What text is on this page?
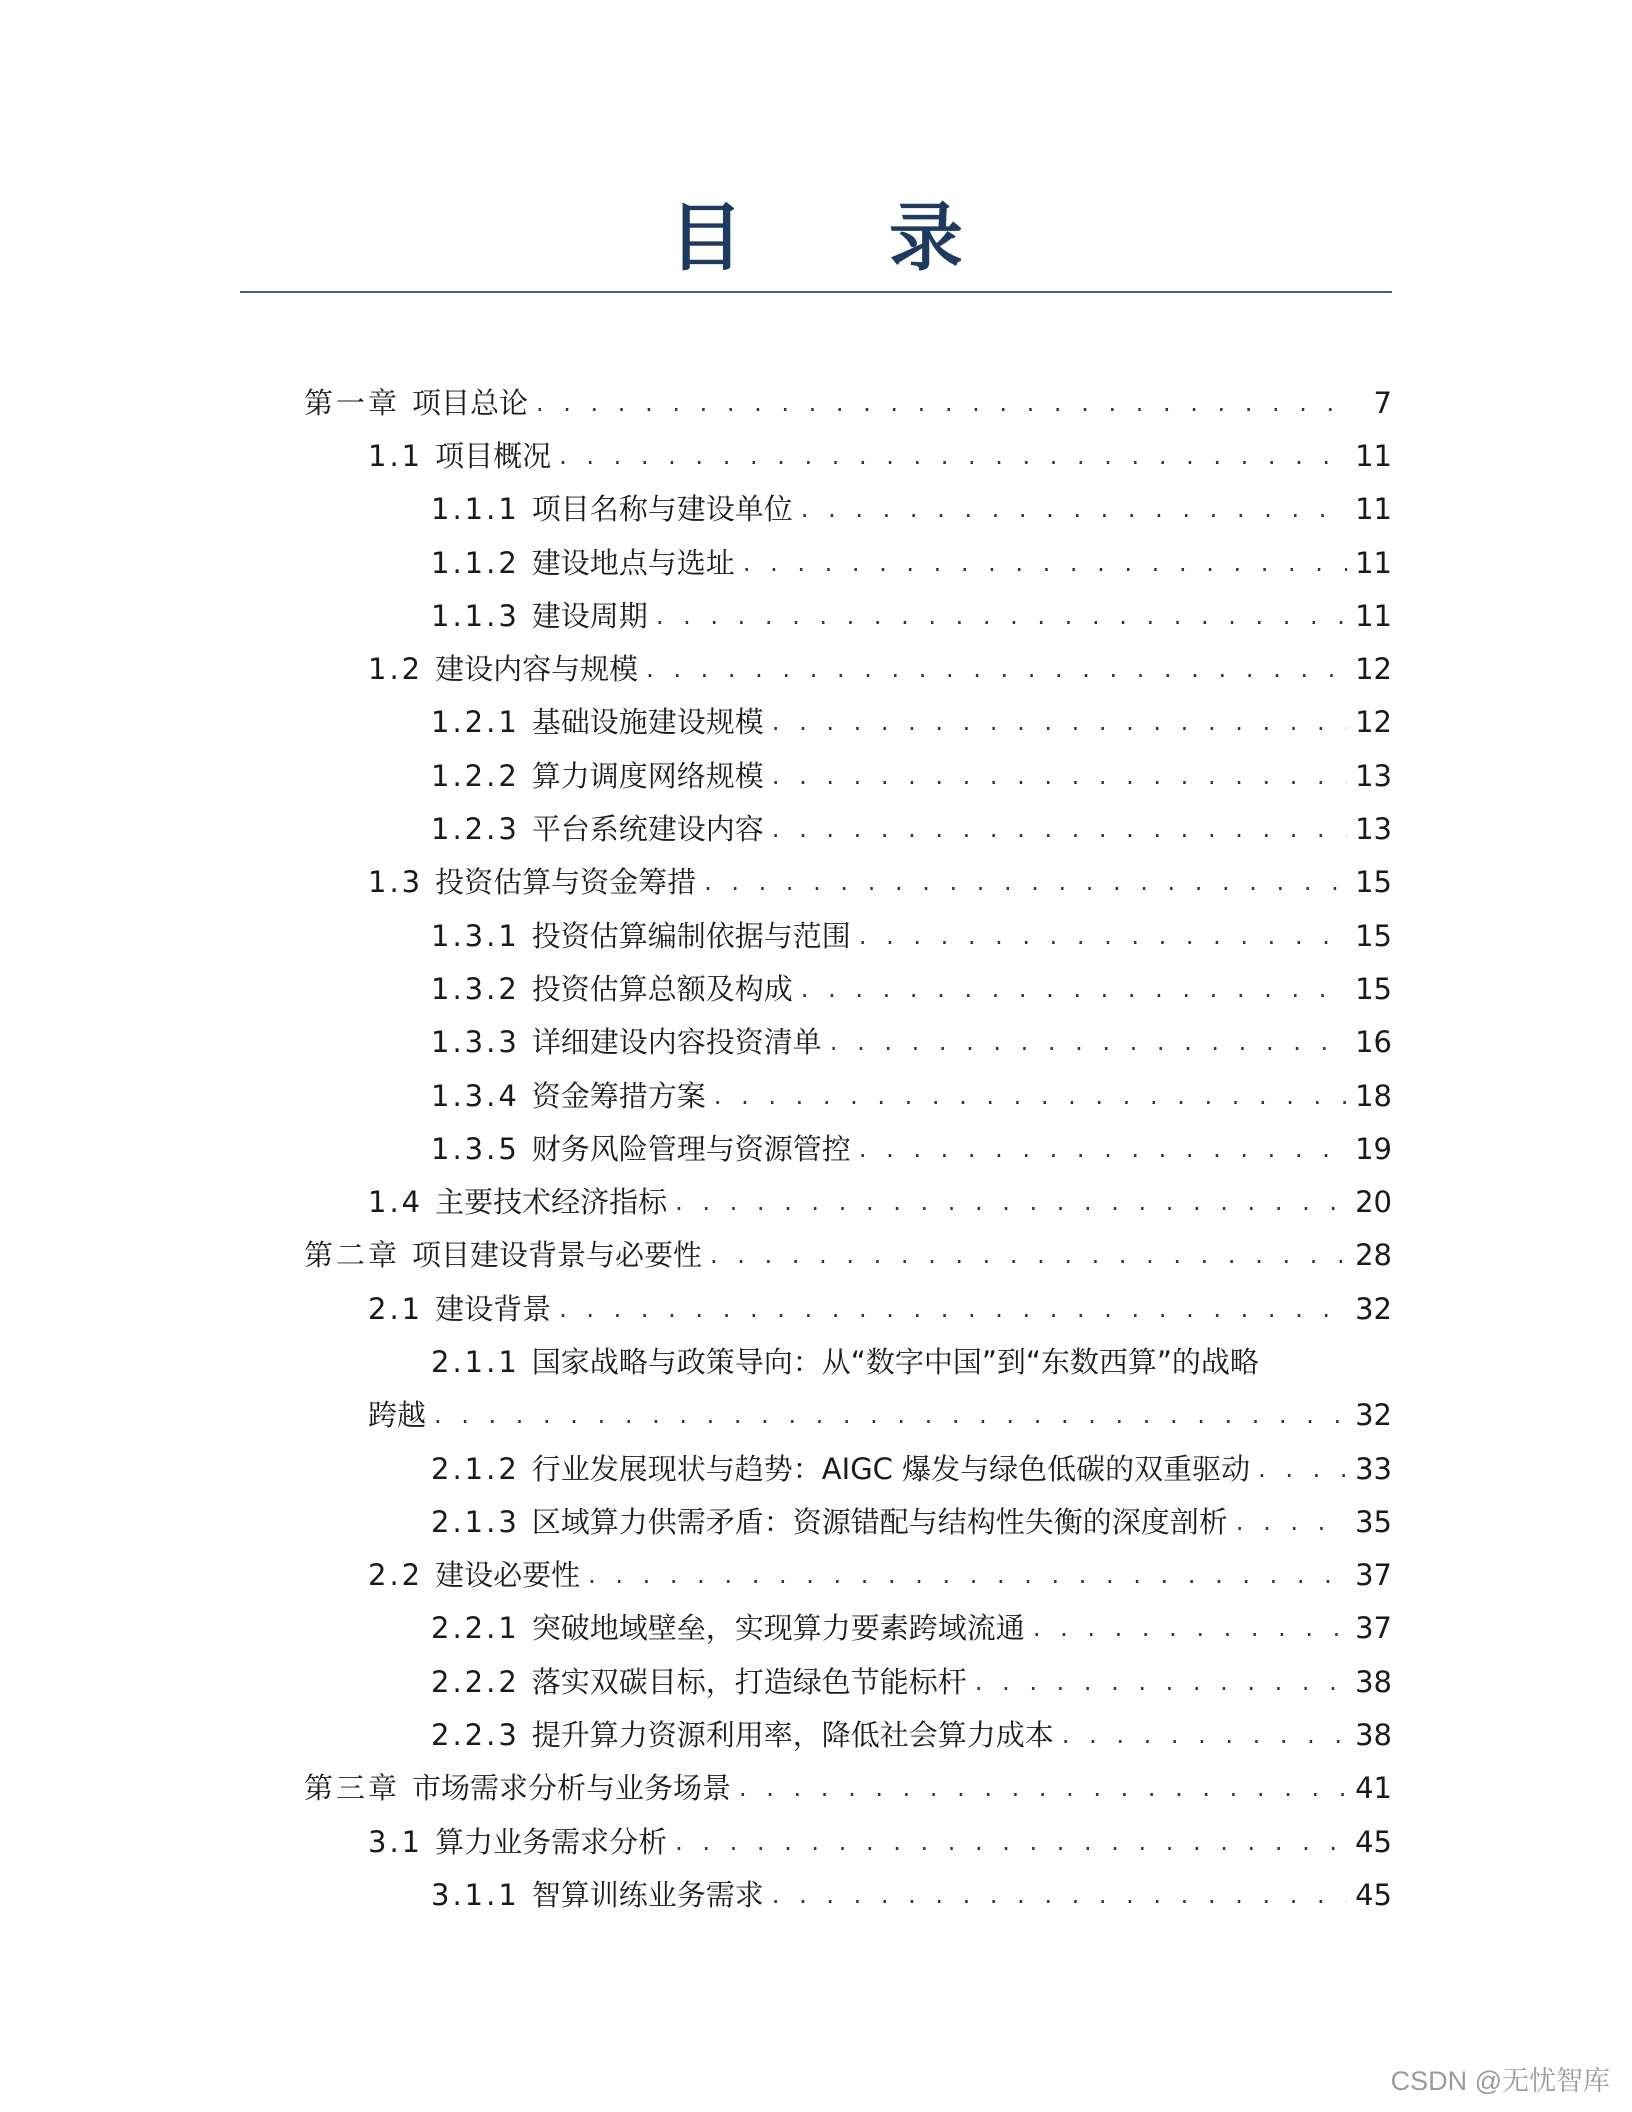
目 录
第一章 项目总论 . . .	7
1.1 项目概况 . . .	11
1.1.1 项目名称与建设单位 . . .	11
1.1.2 建设地点与选址 . . .	11
1.1.3 建设周期 . . .	11
1.2 建设内容与规模 . . .	12
1.2.1 基础设施建设规模 . . .	12
1.2.2 算力调度网络规模 . . .	13
1.2.3 平台系统建设内容 . . .	13
1.3 投资估算与资金筹措 . . .	15
1.3.1 投资估算编制依据与范围 . . .	15
1.3.2 投资估算总额及构成 . . .	15
1.3.3 详细建设内容投资清单 . . .	16
1.3.4 资金筹措方案 . . .	18
1.3.5 财务风险管理与资源管控 . . .	19
1.4 主要技术经济指标 . . .	20
第二章 项目建设背景与必要性 . . .	28
2.1 建设背景 . . .	32
2.1.1 国家战略与政策导向：从“数字中国”到“东数西算”的战略
跨越 . . .	32
2.1.2 行业发展现状与趋势：AIGC 爆发与绿色低碳的双重驱动 . . .	33
2.1.3 区域算力供需矛盾：资源错配与结构性失衡的深度剖析 . . .	35
2.2 建设必要性 . . .	37
2.2.1 突破地域壁垒，实现算力要素跨域流通 . . .	37
2.2.2 落实双碳目标，打造绿色节能标杆 . . .	38
2.2.3 提升算力资源利用率，降低社会算力成本 . . .	38
第三章 市场需求分析与业务场景 . . .	41
3.1 算力业务需求分析 . . .	45
3.1.1 智算训练业务需求 . . .	45
CSDN @无忧智库
